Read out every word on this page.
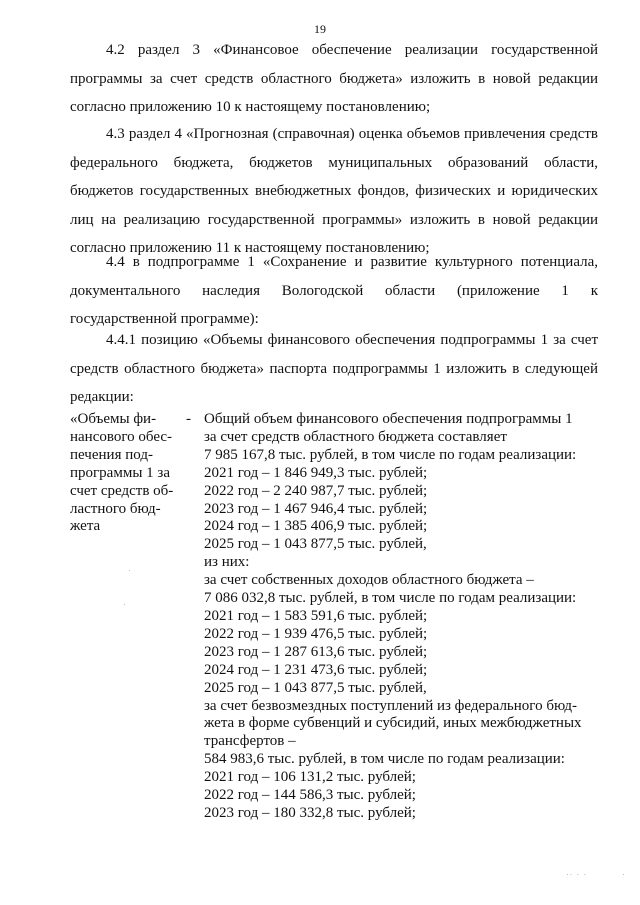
19

4.2 раздел 3 «Финансовое обеспечение реализации государственной программы за счет средств областного бюджета» изложить в новой редакции согласно приложению 10 к настоящему постановлению;

4.3 раздел 4 «Прогнозная (справочная) оценка объемов привлечения средств федерального бюджета, бюджетов муниципальных образований области, бюджетов государственных внебюджетных фондов, физических и юридических лиц на реализацию государственной программы» изложить в новой редакции согласно приложению 11 к настоящему постановлению;

4.4 в подпрограмме 1 «Сохранение и развитие культурного потенциала, документального наследия Вологодской области (приложение 1 к государственной программе):

4.4.1 позицию «Объемы финансового обеспечения подпрограммы 1 за счет средств областного бюджета» паспорта подпрограммы 1 изложить в следующей редакции:

«Объемы фи-
нансового обес-
печения под-
программы 1 за
счет средств об-
ластного бюд-
жета
- Общий объем финансового обеспечения подпрограммы 1
за счет средств областного бюджета составляет
7 985 167,8 тыс. рублей, в том числе по годам реализации:
2021 год – 1 846 949,3 тыс. рублей;
2022 год – 2 240 987,7 тыс. рублей;
2023 год – 1 467 946,4 тыс. рублей;
2024 год – 1 385 406,9 тыс. рублей;
2025 год – 1 043 877,5 тыс. рублей,
из них:
за счет собственных доходов областного бюджета –
7 086 032,8 тыс. рублей, в том числе по годам реализации:
2021 год – 1 583 591,6 тыс. рублей;
2022 год – 1 939 476,5 тыс. рублей;
2023 год – 1 287 613,6 тыс. рублей;
2024 год – 1 231 473,6 тыс. рублей;
2025 год – 1 043 877,5 тыс. рублей,
за счет безвозмездных поступлений из федерального бюд-
жета в форме субвенций и субсидий, иных межбюджетных
трансфертов –
584 983,6 тыс. рублей, в том числе по годам реализации:
2021 год – 106 131,2 тыс. рублей;
2022 год – 144 586,3 тыс. рублей;
2023 год – 180 332,8 тыс. рублей;
·
·
·· · ·	·
